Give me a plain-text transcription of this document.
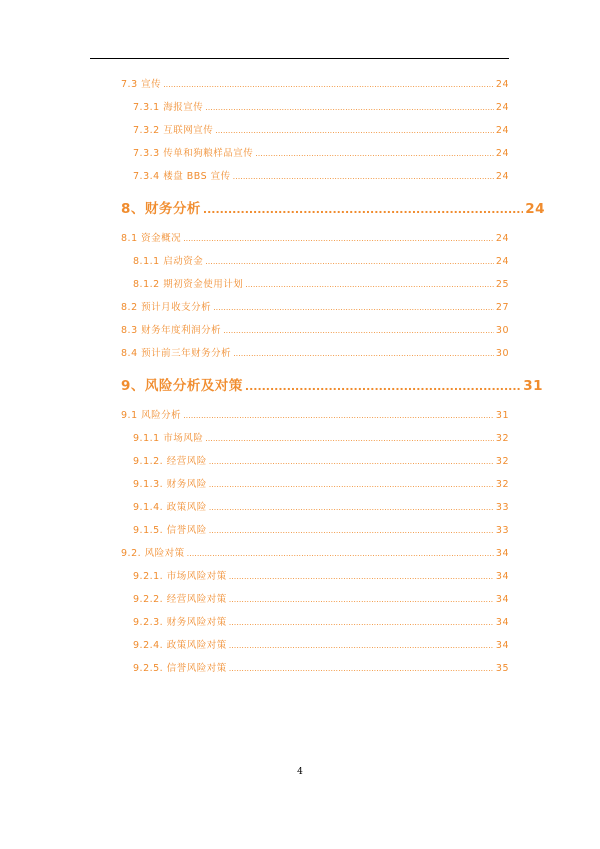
7.3 宣传 .....	24
7.3.1 海报宣传 .....	24
7.3.2 互联网宣传 .....	24
7.3.3 传单和狗粮样品宣传 .....	24
7.3.4 楼盘 BBS 宣传 .....	24
8、财务分析 .....	24
8.1 资金概况 .....	24
8.1.1 启动资金 .....	24
8.1.2 期初资金使用计划 .....	25
8.2 预计月收支分析 .....	27
8.3 财务年度利润分析 .....	30
8.4 预计前三年财务分析 .....	30
9、风险分析及对策 .....	31
9.1 风险分析 .....	31
9.1.1 市场风险 .....	32
9.1.2. 经营风险 .....	32
9.1.3. 财务风险 .....	32
9.1.4. 政策风险 .....	33
9.1.5. 信誉风险 .....	33
9.2. 风险对策 .....	34
9.2.1. 市场风险对策 .....	34
9.2.2. 经营风险对策 .....	34
9.2.3. 财务风险对策 .....	34
9.2.4. 政策风险对策 .....	34
9.2.5. 信誉风险对策 .....	35
4
